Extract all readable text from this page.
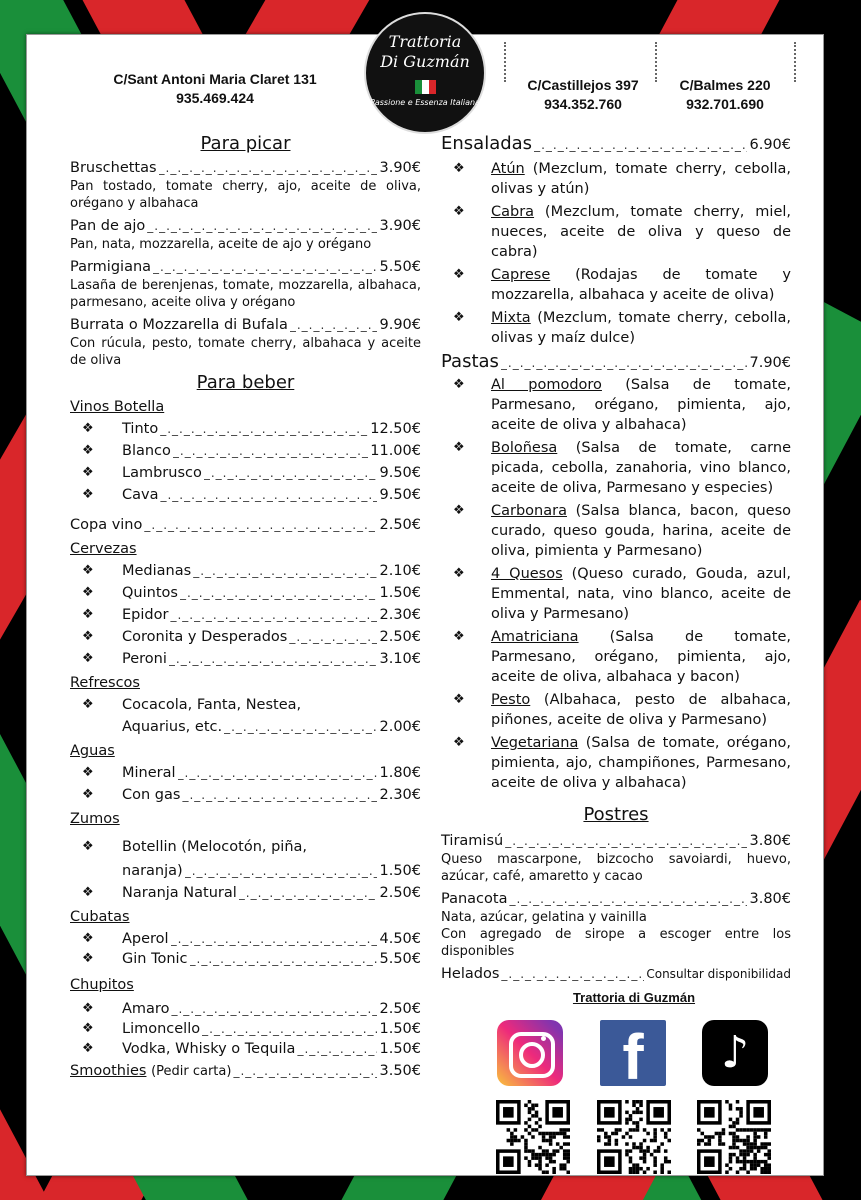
C/Sant Antoni Maria Claret 131
935.469.424
C/Castillejos 397
934.352.760
C/Balmes 220
932.701.690
Trattoria
Di Guzmán
Passione e Essenza Italiana
Para picar
Bruschettas _._._	3.90€
Pan tostado, tomate cherry, ajo, aceite de oliva, orégano y albahaca
Pan de ajo _._._	3.90€
Pan, nata, mozzarella, aceite de ajo y orégano
Parmigiana _._._	5.50€
Lasaña de berenjenas, tomate, mozzarella, albahaca, parmesano, aceite oliva y orégano
Burrata o Mozzarella di Bufala _._._	9.90€
Con rúcula, pesto, tomate cherry, albahaca y aceite de oliva
Para beber
Vinos Botella
❖ Tinto _._._	12.50€
❖ Blanco _._._	11.00€
❖ Lambrusco _._._	9.50€
❖ Cava _._._	9.50€
Copa vino _._._	2.50€
Cervezas
❖ Medianas _._._	2.10€
❖ Quintos _._._	1.50€
❖ Epidor _._._	2.30€
❖ Coronita y Desperados _._._	2.50€
❖ Peroni _._._	3.10€
Refrescos
❖ Cocacola, Fanta, Nestea,
Aquarius, etc. _._._	2.00€
Aguas
❖ Mineral _._._	1.80€
❖ Con gas _._._	2.30€
Zumos
❖ Botellin (Melocotón, piña,
naranja) _._._	1.50€
❖ Naranja Natural _._._	2.50€
Cubatas
❖ Aperol _._._	4.50€
❖ Gin Tonic _._._	5.50€
Chupitos
❖ Amaro _._._	2.50€
❖ Limoncello _._._	1.50€
❖ Vodka, Whisky o Tequila _._._	1.50€
Smoothies (Pedir carta) _._._	3.50€
Ensaladas _._._	6.90€
❖ Atún (Mezclum, tomate cherry, cebolla, olivas y atún)
❖ Cabra (Mezclum, tomate cherry, miel, nueces, aceite de oliva y queso de cabra)
❖ Caprese (Rodajas de tomate y mozzarella, albahaca y aceite de oliva)
❖ Mixta (Mezclum, tomate cherry, cebolla, olivas y maíz dulce)
Pastas _._._	7.90€
❖ Al pomodoro (Salsa de tomate, Parmesano, orégano, pimienta, ajo, aceite de oliva y albahaca)
❖ Boloñesa (Salsa de tomate, carne picada, cebolla, zanahoria, vino blanco, aceite de oliva, Parmesano y especies)
❖ Carbonara (Salsa blanca, bacon, queso curado, queso gouda, harina, aceite de oliva, pimienta y Parmesano)
❖ 4 Quesos (Queso curado, Gouda, azul, Emmental, nata, vino blanco, aceite de oliva y Parmesano)
❖ Amatriciana (Salsa de tomate, Parmesano, orégano, pimienta, ajo, aceite de oliva, albahaca y bacon)
❖ Pesto (Albahaca, pesto de albahaca, piñones, aceite de oliva y Parmesano)
❖ Vegetariana (Salsa de tomate, orégano, pimienta, ajo, champiñones, Parmesano, aceite de oliva y albahaca)
Postres
Tiramisú _._._	3.80€
Queso mascarpone, bizcocho savoiardi, huevo, azúcar, café, amaretto y cacao
Panacota _._._	3.80€
Nata, azúcar, gelatina y vainilla
Con agregado de sirope a escoger entre los disponibles
Helados _._._	Consultar disponibilidad
Trattoria di Guzmán
f	♪
